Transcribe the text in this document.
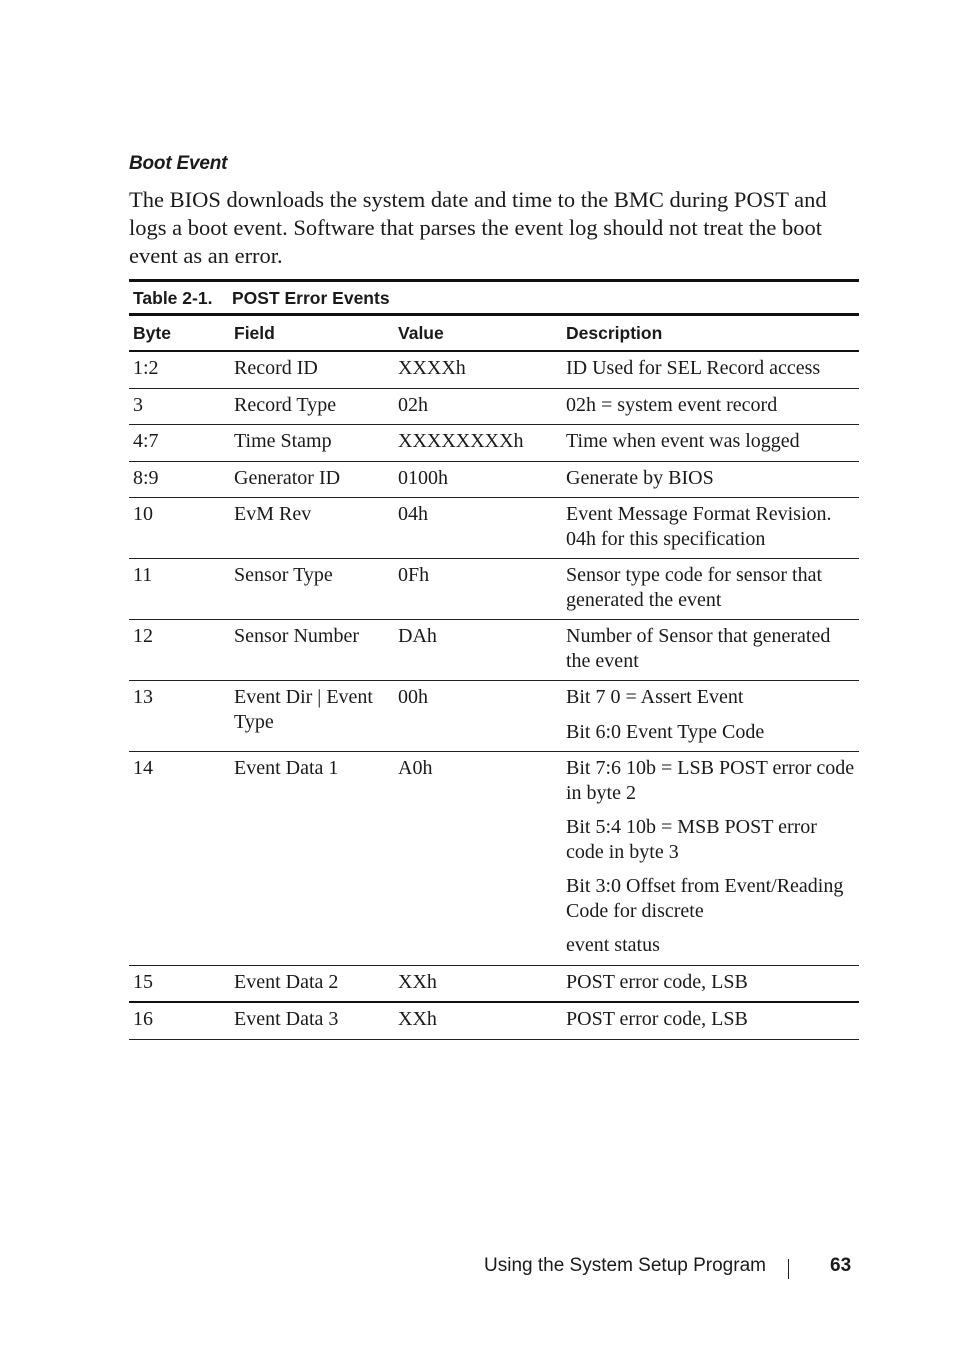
Boot Event

The BIOS downloads the system date and time to the BMC during POST and logs a boot event. Software that parses the event log should not treat the boot event as an error.

Table 2-1.	POST Error Events
Byte	Field	Value	Description
1:2	Record ID	XXXXh	ID Used for SEL Record access

3	Record Type	02h	02h = system event record

4:7	Time Stamp	XXXXXXXXh	Time when event was logged

8:9	Generator ID	0100h	Generate by BIOS

10	EvM Rev	04h	Event Message Format Revision. 04h for this specification

11	Sensor Type	0Fh	Sensor type code for sensor that generated the event

12	Sensor Number	DAh	Number of Sensor that generated the event

13	Event Dir | Event Type	00h	Bit 7 0 = Assert Event
Bit 6:0 Event Type Code

14	Event Data 1	A0h	Bit 7:6 10b = LSB POST error code in byte 2
Bit 5:4 10b = MSB POST error code in byte 3
Bit 3:0 Offset from Event/Reading Code for discrete
event status

15	Event Data 2	XXh	POST error code, LSB

16	Event Data 3	XXh	POST error code, LSB
Using the System Setup Program	63
